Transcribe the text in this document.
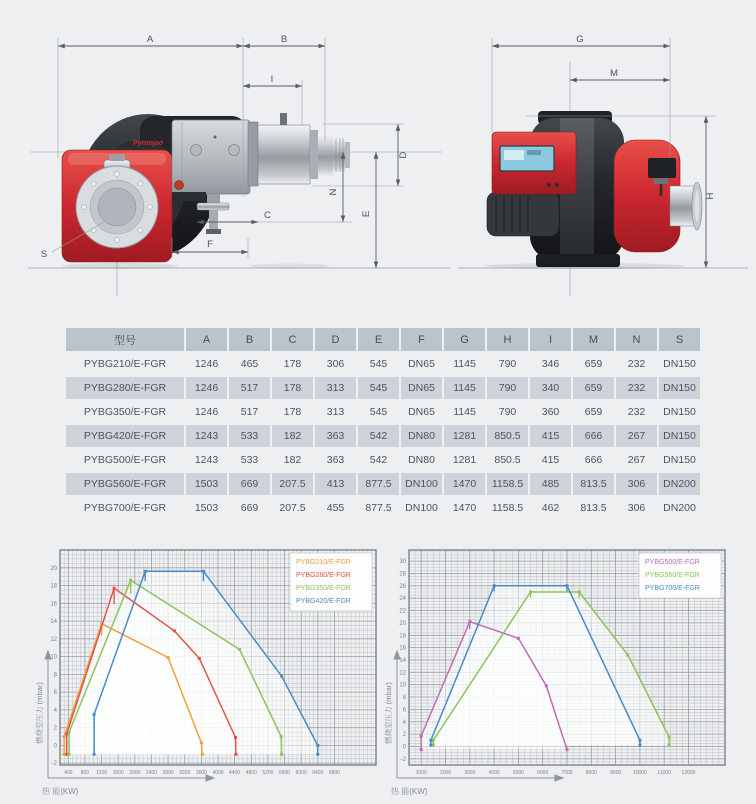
Pyronjao
A	B
I
C
F
D
N
E
S
G
M
H
型号	A	B	C	D	E	F	G	H	I	M	N	S
PYBG210/E-FGR	1246	465	178	306	545	DN65	1145	790	346	659	232	DN150
PYBG280/E-FGR	1246	517	178	313	545	DN65	1145	790	340	659	232	DN150
PYBG350/E-FGR	1246	517	178	313	545	DN65	1145	790	360	659	232	DN150
PYBG420/E-FGR	1243	533	182	363	542	DN80	1281	850.5	415	666	267	DN150
PYBG500/E-FGR	1243	533	182	363	542	DN80	1281	850.5	415	666	267	DN150
PYBG560/E-FGR	1503	669	207.5	413	877.5	DN100	1470	1158.5	485	813.5	306	DN200
PYBG700/E-FGR	1503	669	207.5	455	877.5	DN100	1470	1158.5	462	813.5	306	DN200
400 800 1200 1600 2000 2400 2800 3200 3600 4000 4400 4800 5200 5600 6000 6400 6800
-2
0
2
4
6
8
10
12
14
16
18
20
PYBG210/E-FGR
PYBG280/E-FGR
PYBG350/E-FGR
PYBG420/E-FGR
燃烧室压力 (mbar)
热 能(KW)
1000	2000	3000	4000	5000	6000	7000	8000	9000 10000 11000 12000
-2
0
2
4
6
8
10
12
14
16
18
20
22
24
26
28
30	PYBG500/E-FGR
PYBG560/E-FGR
PYBG700/E-FGR
燃烧室压力 (mbar)
热 能(KW)
